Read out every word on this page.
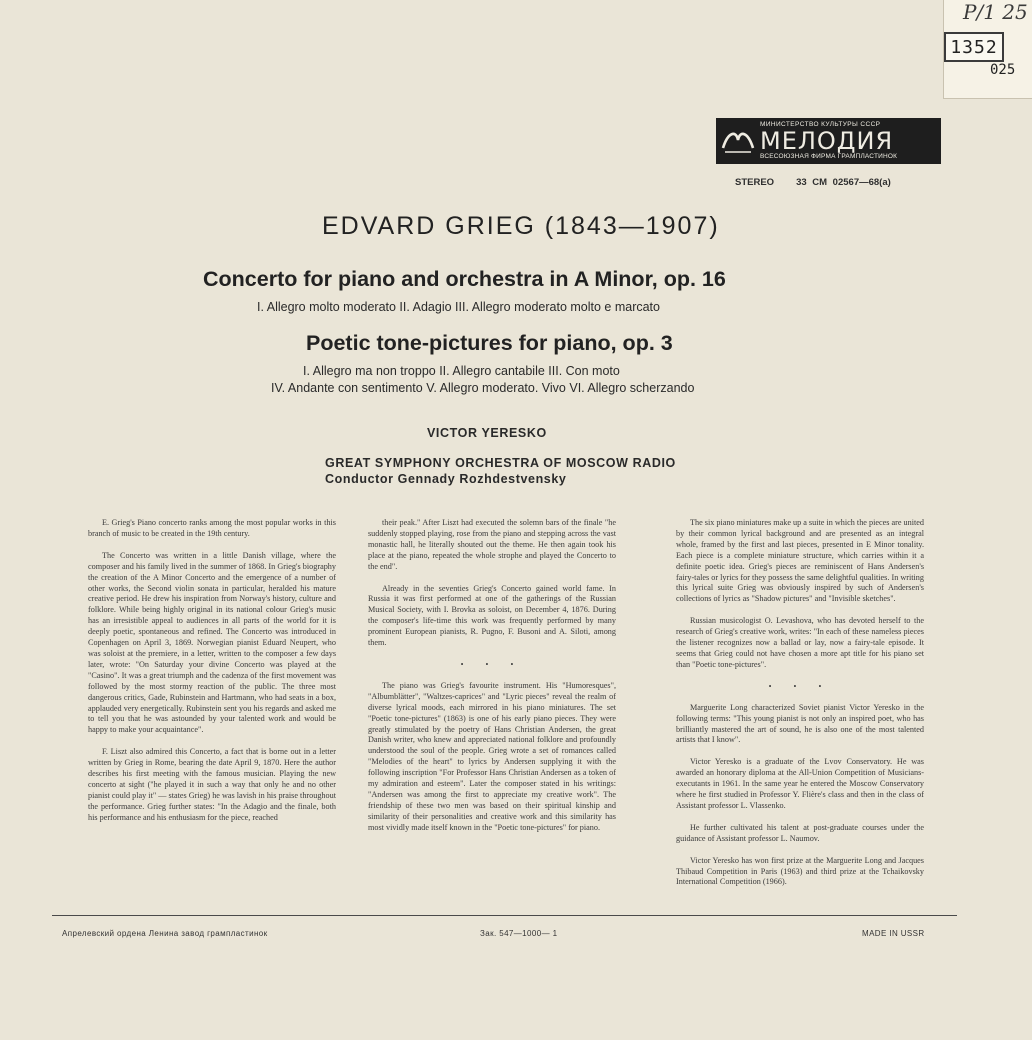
Р/1 25
1352
025
МИНИСТЕРСТВО КУЛЬТУРЫ СССР
МЕЛОДИЯ
ВСЕСОЮЗНАЯ ФИРМА ГРАМПЛАСТИНОК
STEREO 33 CM 02567—68(a)
EDVARD GRIEG (1843—1907)
Concerto for piano and orchestra in A Minor, op. 16
I. Allegro molto moderato II. Adagio III. Allegro moderato molto e marcato
Poetic tone-pictures for piano, op. 3
I. Allegro ma non troppo II. Allegro cantabile III. Con moto
IV. Andante con sentimento V. Allegro moderato. Vivo VI. Allegro scherzando
VICTOR YERESKO
GREAT SYMPHONY ORCHESTRA OF MOSCOW RADIO
Conductor Gennady Rozhdestvensky

E. Grieg's Piano concerto ranks among the most popular works in this branch of music to be created in the 19th century.

The Concerto was written in a little Danish village, where the composer and his family lived in the summer of 1868. In Grieg's biography the creation of the A Minor Concerto and the emergence of a number of other works, the Second violin sonata in particular, heralded his mature creative period. He drew his inspiration from Norway's history, culture and folklore. While being highly original in its national colour Grieg's music has an irresistible appeal to audiences in all parts of the world for it is deeply poetic, spontaneous and refined. The Concerto was introduced in Copenhagen on April 3, 1869. Norwegian pianist Eduard Neupert, who was soloist at the premiere, in a letter, written to the composer a few days later, wrote: "On Saturday your divine Concerto was played at the "Casino". It was a great triumph and the cadenza of the first movement was followed by the most stormy reaction of the public. The three most dangerous critics, Gade, Rubinstein and Hartmann, who had seats in a box, applauded very energetically. Rubinstein sent you his regards and asked me to tell you that he was astounded by your talented work and would be happy to make your acquaintance".

F. Liszt also admired this Concerto, a fact that is borne out in a letter written by Grieg in Rome, bearing the date April 9, 1870. Here the author describes his first meeting with the famous musician. Playing the new concerto at sight ("he played it in such a way that only he and no other pianist could play it" — states Grieg) he was lavish in his praise throughout the performance. Grieg further states: "In the Adagio and the finale, both his performance and his enthusiasm for the piece, reached

their peak." After Liszt had executed the solemn bars of the finale "he suddenly stopped playing, rose from the piano and stepping across the vast monastic hall, he literally shouted out the theme. He then again took his place at the piano, repeated the whole strophe and played the Concerto to the end".

Already in the seventies Grieg's Concerto gained world fame. In Russia it was first performed at one of the gatherings of the Russian Musical Society, with I. Brovka as soloist, on December 4, 1876. During the composer's life-time this work was frequently performed by many prominent European pianists, R. Pugno, F. Busoni and A. Siloti, among them.

• • •

The piano was Grieg's favourite instrument. His "Humoresques", "Albumblätter", "Waltzes-caprices" and "Lyric pieces" reveal the realm of diverse lyrical moods, each mirrored in his piano miniatures. The set "Poetic tone-pictures" (1863) is one of his early piano pieces. They were greatly stimulated by the poetry of Hans Christian Andersen, the great Danish writer, who knew and appreciated national folklore and profoundly understood the soul of the people. Grieg wrote a set of romances called "Melodies of the heart" to lyrics by Andersen supplying it with the following inscription "For Professor Hans Christian Andersen as a token of my admiration and esteem". Later the composer stated in his writings: "Andersen was among the first to appreciate my creative work". The friendship of these two men was based on their spiritual kinship and similarity of their personalities and creative work and this similarity has most vividly made itself known in the "Poetic tone-pictures" for piano.

The six piano miniatures make up a suite in which the pieces are united by their common lyrical background and are presented as an integral whole, framed by the first and last pieces, presented in E Minor tonality. Each piece is a complete miniature structure, which carries within it a definite poetic idea. Grieg's pieces are reminiscent of Hans Andersen's fairy-tales or lyrics for they possess the same delightful qualities. In writing this lyrical suite Grieg was obviously inspired by such of Andersen's collections of lyrics as "Shadow pictures" and "Invisible sketches".

Russian musicologist O. Levashova, who has devoted herself to the research of Grieg's creative work, writes: "In each of these nameless pieces the listener recognizes now a ballad or lay, now a fairy-tale episode. It seems that Grieg could not have chosen a more apt title for his piano set than "Poetic tone-pictures".

• • •

Marguerite Long characterized Soviet pianist Victor Yeresko in the following terms: "This young pianist is not only an inspired poet, who has brilliantly mastered the art of sound, he is also one of the most talented artists that I know".

Victor Yeresko is a graduate of the Lvov Conservatory. He was awarded an honorary diploma at the All-Union Competition of Musicians-executants in 1961. In the same year he entered the Moscow Conservatory where he first studied in Professor Y. Flière's class and then in the class of Assistant professor L. Vlassenko.

He further cultivated his talent at post-graduate courses under the guidance of Assistant professor L. Naumov.

Victor Yeresko has won first prize at the Marguerite Long and Jacques Thibaud Competition in Paris (1963) and third prize at the Tchaikovsky International Competition (1966).

Апрелевский ордена Ленина завод грампластинок	Зак. 547—1000— 1	MADE IN USSR
